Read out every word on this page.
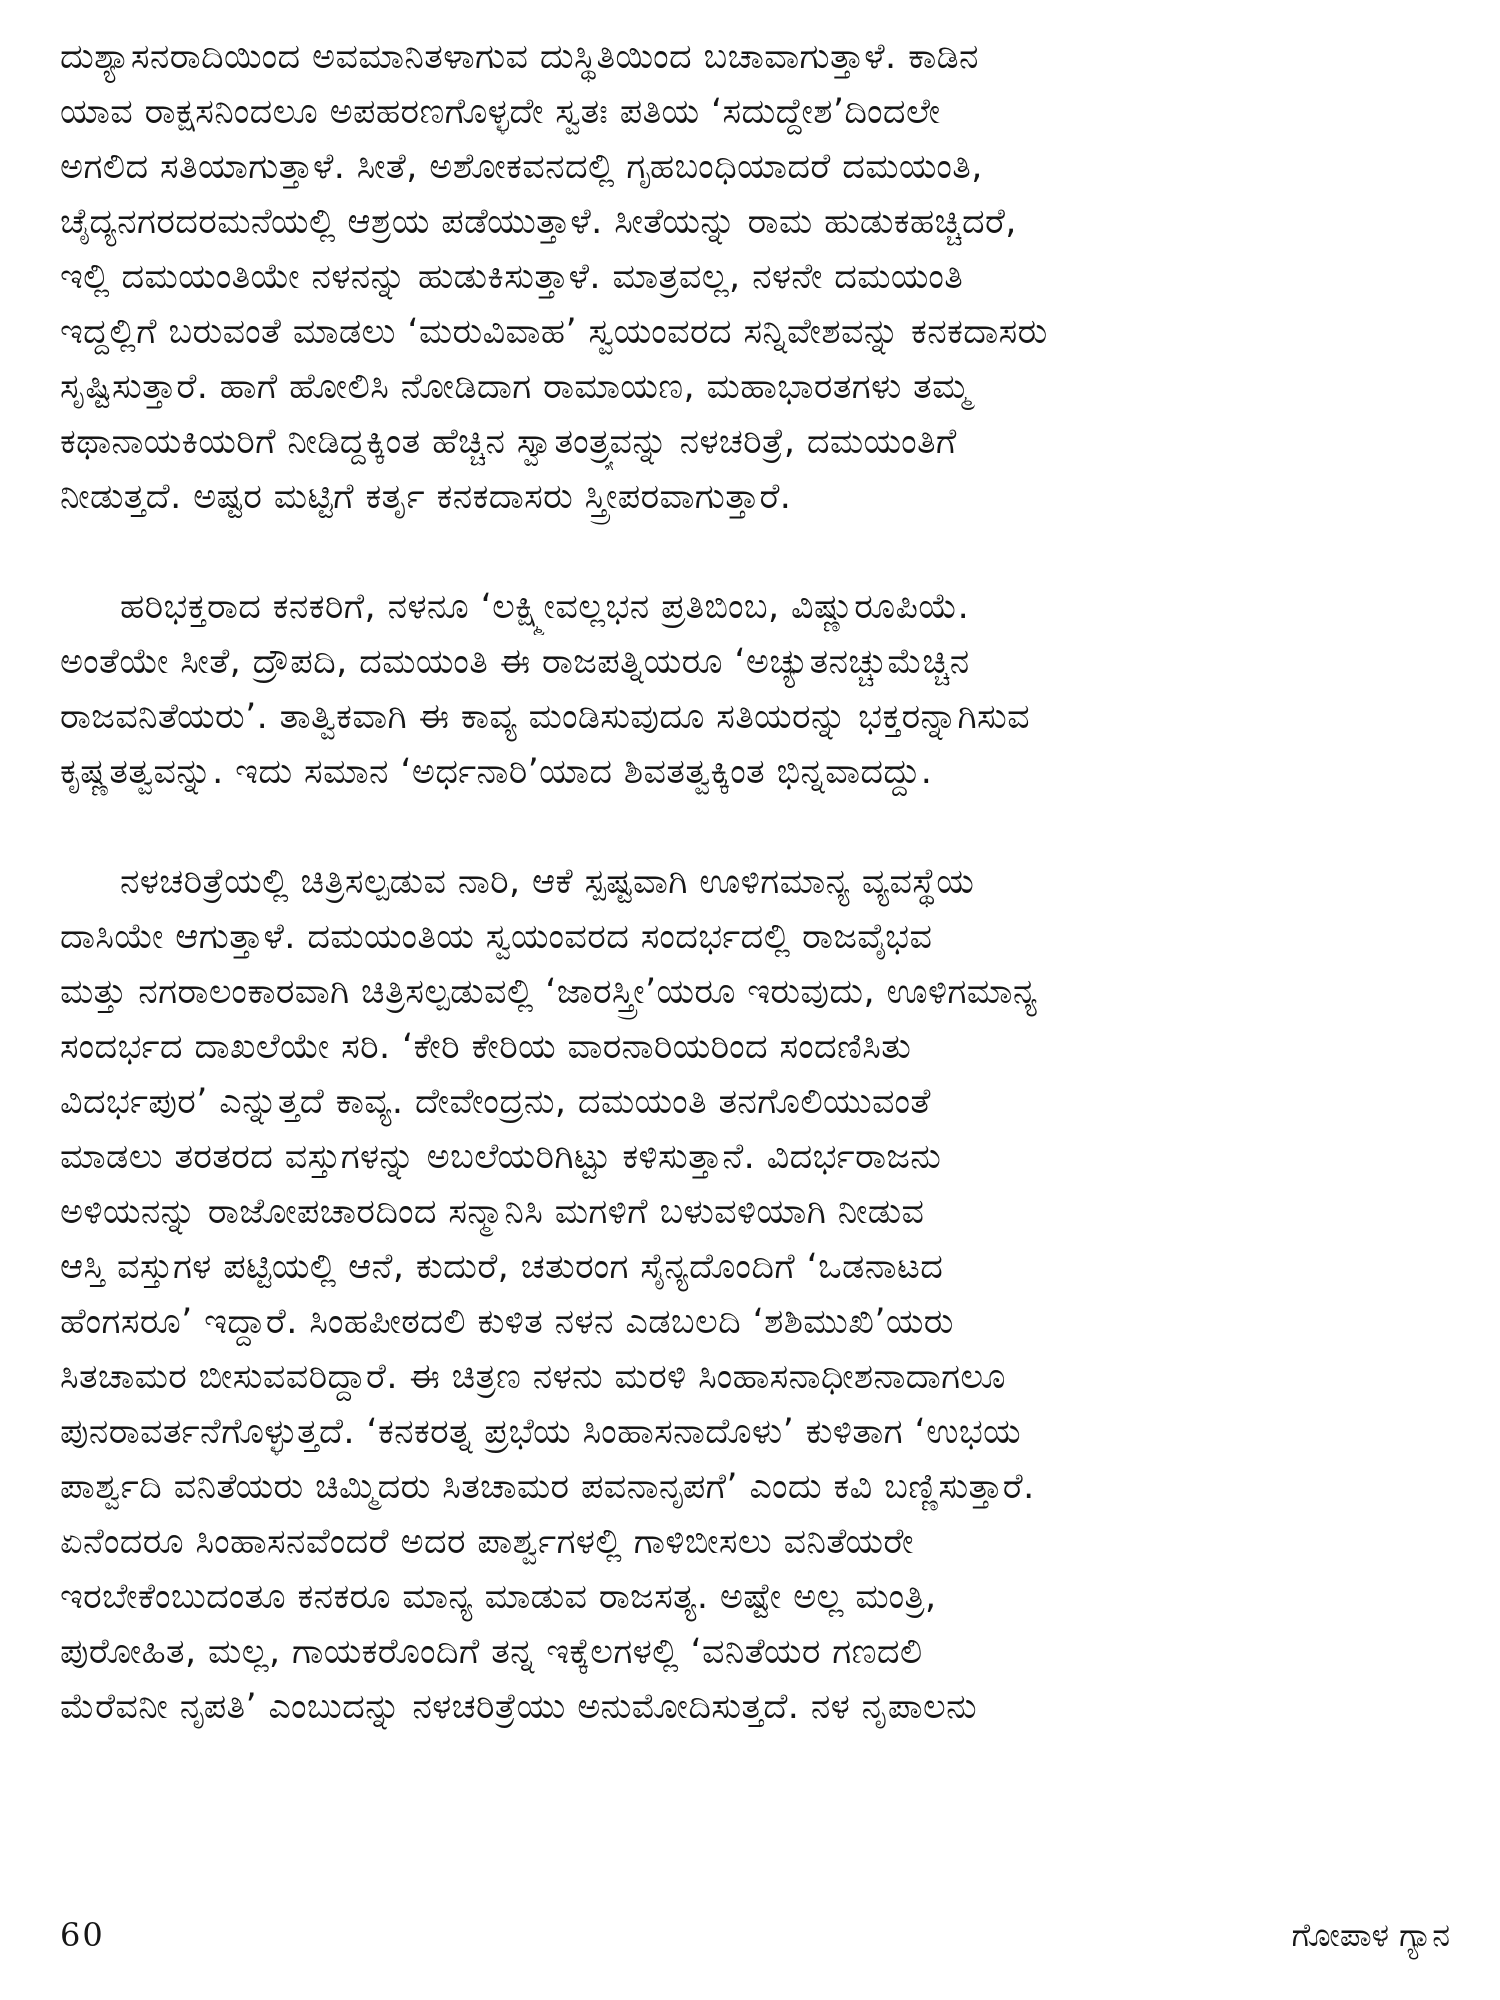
ದುಶ್ಯಾಸನರಾದಿಯಿಂದ ಅವಮಾನಿತಳಾಗುವ ದುಸ್ಥಿತಿಯಿಂದ ಬಚಾವಾಗುತ್ತಾಳೆ. ಕಾಡಿನ
ಯಾವ ರಾಕ್ಷಸನಿಂದಲೂ ಅಪಹರಣಗೊಳ್ಳದೇ ಸ್ವತಃ ಪತಿಯ ‘ಸದುದ್ದೇಶ’ದಿಂದಲೇ
ಅಗಲಿದ ಸತಿಯಾಗುತ್ತಾಳೆ. ಸೀತೆ, ಅಶೋಕವನದಲ್ಲಿ ಗೃಹಬಂಧಿಯಾದರೆ ದಮಯಂತಿ,
ಚೈದ್ಯನಗರದರಮನೆಯಲ್ಲಿ ಆಶ್ರಯ ಪಡೆಯುತ್ತಾಳೆ. ಸೀತೆಯನ್ನು ರಾಮ ಹುಡುಕಹಚ್ಚಿದರೆ,
ಇಲ್ಲಿ ದಮಯಂತಿಯೇ ನಳನನ್ನು ಹುಡುಕಿಸುತ್ತಾಳೆ. ಮಾತ್ರವಲ್ಲ, ನಳನೇ ದಮಯಂತಿ
ಇದ್ದಲ್ಲಿಗೆ ಬರುವಂತೆ ಮಾಡಲು ‘ಮರುವಿವಾಹ’ ಸ್ವಯಂವರದ ಸನ್ನಿವೇಶವನ್ನು ಕನಕದಾಸರು
ಸೃಷ್ಟಿಸುತ್ತಾರೆ. ಹಾಗೆ ಹೋಲಿಸಿ ನೋಡಿದಾಗ ರಾಮಾಯಣ, ಮಹಾಭಾರತಗಳು ತಮ್ಮ
ಕಥಾನಾಯಕಿಯರಿಗೆ ನೀಡಿದ್ದಕ್ಕಿಂತ ಹೆಚ್ಚಿನ ಸ್ವಾತಂತ್ರ್ಯವನ್ನು ನಳಚರಿತ್ರೆ, ದಮಯಂತಿಗೆ
ನೀಡುತ್ತದೆ. ಅಷ್ಟರ ಮಟ್ಟಿಗೆ ಕರ್ತೃ ಕನಕದಾಸರು ಸ್ತ್ರೀಪರವಾಗುತ್ತಾರೆ.
ಹರಿಭಕ್ತರಾದ ಕನಕರಿಗೆ, ನಳನೂ ‘ಲಕ್ಷ್ಮೀವಲ್ಲಭನ ಪ್ರತಿಬಿಂಬ, ವಿಷ್ಣುರೂಪಿಯೆ.
ಅಂತೆಯೇ ಸೀತೆ, ದ್ರೌಪದಿ, ದಮಯಂತಿ ಈ ರಾಜಪತ್ನಿಯರೂ ‘ಅಚ್ಯುತನಚ್ಚುಮೆಚ್ಚಿನ
ರಾಜವನಿತೆಯರು’. ತಾತ್ವಿಕವಾಗಿ ಈ ಕಾವ್ಯ ಮಂಡಿಸುವುದೂ ಸತಿಯರನ್ನು ಭಕ್ತರನ್ನಾಗಿಸುವ
ಕೃಷ್ಣತತ್ವವನ್ನು. ಇದು ಸಮಾನ ‘ಅರ್ಧನಾರಿ’ಯಾದ ಶಿವತತ್ವಕ್ಕಿಂತ ಭಿನ್ನವಾದದ್ದು.
ನಳಚರಿತ್ರೆಯಲ್ಲಿ ಚಿತ್ರಿಸಲ್ಪಡುವ ನಾರಿ, ಆಕೆ ಸ್ಪಷ್ಟವಾಗಿ ಊಳಿಗಮಾನ್ಯ ವ್ಯವಸ್ಥೆಯ
ದಾಸಿಯೇ ಆಗುತ್ತಾಳೆ. ದಮಯಂತಿಯ ಸ್ವಯಂವರದ ಸಂದರ್ಭದಲ್ಲಿ ರಾಜವೈಭವ
ಮತ್ತು ನಗರಾಲಂಕಾರವಾಗಿ ಚಿತ್ರಿಸಲ್ಪಡುವಲ್ಲಿ ‘ಜಾರಸ್ತ್ರೀ’ಯರೂ ಇರುವುದು, ಊಳಿಗಮಾನ್ಯ
ಸಂದರ್ಭದ ದಾಖಲೆಯೇ ಸರಿ. ‘ಕೇರಿ ಕೇರಿಯ ವಾರನಾರಿಯರಿಂದ ಸಂದಣಿಸಿತು
ವಿದರ್ಭಪುರ’ ಎನ್ನುತ್ತದೆ ಕಾವ್ಯ. ದೇವೇಂದ್ರನು, ದಮಯಂತಿ ತನಗೊಲಿಯುವಂತೆ
ಮಾಡಲು ತರತರದ ವಸ್ತುಗಳನ್ನು ಅಬಲೆಯರಿಗಿಟ್ಟು ಕಳಿಸುತ್ತಾನೆ. ವಿದರ್ಭರಾಜನು
ಅಳಿಯನನ್ನು ರಾಜೋಪಚಾರದಿಂದ ಸನ್ಮಾನಿಸಿ ಮಗಳಿಗೆ ಬಳುವಳಿಯಾಗಿ ನೀಡುವ
ಆಸ್ತಿ ವಸ್ತುಗಳ ಪಟ್ಟಿಯಲ್ಲಿ ಆನೆ, ಕುದುರೆ, ಚತುರಂಗ ಸೈನ್ಯದೊಂದಿಗೆ ‘ಒಡನಾಟದ
ಹೆಂಗಸರೂ’ ಇದ್ದಾರೆ. ಸಿಂಹಪೀಠದಲಿ ಕುಳಿತ ನಳನ ಎಡಬಲದಿ ‘ಶಶಿಮುಖಿ’ಯರು
ಸಿತಚಾಮರ ಬೀಸುವವರಿದ್ದಾರೆ. ಈ ಚಿತ್ರಣ ನಳನು ಮರಳಿ ಸಿಂಹಾಸನಾಧೀಶನಾದಾಗಲೂ
ಪುನರಾವರ್ತನೆಗೊಳ್ಳುತ್ತದೆ. ‘ಕನಕರತ್ನ ಪ್ರಭೆಯ ಸಿಂಹಾಸನಾದೊಳು’ ಕುಳಿತಾಗ ‘ಉಭಯ
ಪಾರ್ಶ್ವದಿ ವನಿತೆಯರು ಚಿಮ್ಮಿದರು ಸಿತಚಾಮರ ಪವನಾನೃಪಗೆ’ ಎಂದು ಕವಿ ಬಣ್ಣಿಸುತ್ತಾರೆ.
ಏನೆಂದರೂ ಸಿಂಹಾಸನವೆಂದರೆ ಅದರ ಪಾರ್ಶ್ವಗಳಲ್ಲಿ ಗಾಳಿಬೀಸಲು ವನಿತೆಯರೇ
ಇರಬೇಕೆಂಬುದಂತೂ ಕನಕರೂ ಮಾನ್ಯ ಮಾಡುವ ರಾಜಸತ್ಯ. ಅಷ್ಟೇ ಅಲ್ಲ ಮಂತ್ರಿ,
ಪುರೋಹಿತ, ಮಲ್ಲ, ಗಾಯಕರೊಂದಿಗೆ ತನ್ನ ಇಕ್ಕೆಲಗಳಲ್ಲಿ ‘ವನಿತೆಯರ ಗಣದಲಿ
ಮೆರೆವನೀ ನೃಪತಿ’ ಎಂಬುದನ್ನು ನಳಚರಿತ್ರೆಯು ಅನುಮೋದಿಸುತ್ತದೆ. ನಳ ನೃಪಾಲನು
60	ಗೋಪಾಳ ಗ್ಯಾನ
